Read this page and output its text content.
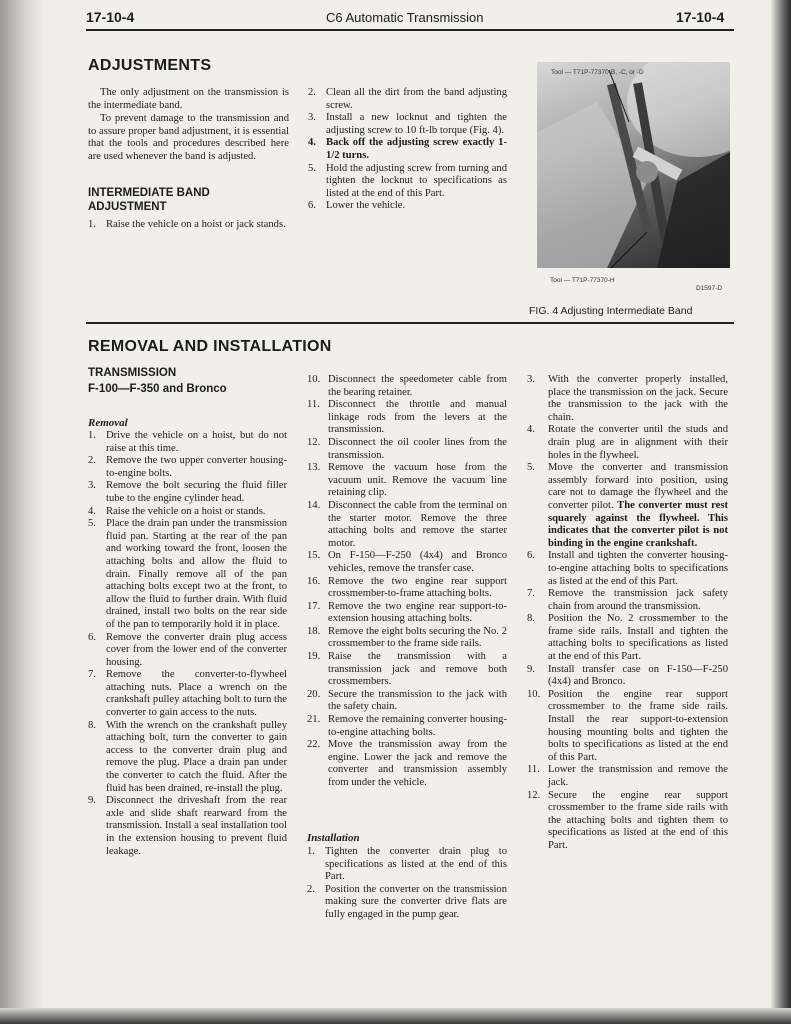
17-10-4	C6 Automatic Transmission	17-10-4
ADJUSTMENTS
The only adjustment on the transmission is the intermediate band.
To prevent damage to the transmission and to assure proper band adjustment, it is essential that the tools and procedures described here are used whenever the band is adjusted.
INTERMEDIATE BAND
ADJUSTMENT
1. Raise the vehicle on a hoist or jack stands.
2. Clean all the dirt from the band adjusting screw.
3. Install a new locknut and tighten the adjusting screw to 10 ft-lb torque (Fig. 4).
4. Back off the adjusting screw exactly 1-1/2 turns.
5. Hold the adjusting screw from turning and tighten the locknut to specifications as listed at the end of this Part.
6. Lower the vehicle.
Tool — T71P-77370-B, -C, or -D
Tool — T71P-77370-H
D1597-D
FIG. 4 Adjusting Intermediate Band
REMOVAL AND INSTALLATION
TRANSMISSION
F-100—F-350 and Bronco
Removal
1. Drive the vehicle on a hoist, but do not raise at this time.
2. Remove the two upper converter housing-to-engine bolts.
3. Remove the bolt securing the fluid filler tube to the engine cylinder head.
4. Raise the vehicle on a hoist or stands.
5. Place the drain pan under the transmission fluid pan. Starting at the rear of the pan and working toward the front, loosen the attaching bolts and allow the fluid to drain. Finally remove all of the pan attaching bolts except two at the front, to allow the fluid to further drain. With fluid drained, install two bolts on the rear side of the pan to temporarily hold it in place.
6. Remove the converter drain plug access cover from the lower end of the converter housing.
7. Remove the converter-to-flywheel attaching nuts. Place a wrench on the crankshaft pulley attaching bolt to turn the converter to gain access to the nuts.
8. With the wrench on the crankshaft pulley attaching bolt, turn the converter to gain access to the converter drain plug and remove the plug. Place a drain pan under the converter to catch the fluid. After the fluid has been drained, re-install the plug.
9. Disconnect the driveshaft from the rear axle and slide shaft rearward from the transmission. Install a seal installation tool in the extension housing to prevent fluid leakage.
10. Disconnect the speedometer cable from the bearing retainer.
11. Disconnect the throttle and manual linkage rods from the levers at the transmission.
12. Disconnect the oil cooler lines from the transmission.
13. Remove the vacuum hose from the vacuum unit. Remove the vacuum line retaining clip.
14. Disconnect the cable from the terminal on the starter motor. Remove the three attaching bolts and remove the starter motor.
15. On F-150—F-250 (4x4) and Bronco vehicles, remove the transfer case.
16. Remove the two engine rear support crossmember-to-frame attaching bolts.
17. Remove the two engine rear support-to-extension housing attaching bolts.
18. Remove the eight bolts securing the No. 2 crossmember to the frame side rails.
19. Raise the transmission with a transmission jack and remove both crossmembers.
20. Secure the transmission to the jack with the safety chain.
21. Remove the remaining converter housing-to-engine attaching bolts.
22. Move the transmission away from the engine. Lower the jack and remove the converter and transmission assembly from under the vehicle.
Installation
1. Tighten the converter drain plug to specifications as listed at the end of this Part.
2. Position the converter on the transmission making sure the converter drive flats are fully engaged in the pump gear.
3. With the converter properly installed, place the transmission on the jack. Secure the transmission to the jack with the chain.
4. Rotate the converter until the studs and drain plug are in alignment with their holes in the flywheel.
5. Move the converter and transmission assembly forward into position, using care not to damage the flywheel and the converter pilot. The converter must rest squarely against the flywheel. This indicates that the converter pilot is not binding in the engine crankshaft.
6. Install and tighten the converter housing-to-engine attaching bolts to specifications as listed at the end of this Part.
7. Remove the transmission jack safety chain from around the transmission.
8. Position the No. 2 crossmember to the frame side rails. Install and tighten the attaching bolts to specifications as listed at the end of this Part.
9. Install transfer case on F-150—F-250 (4x4) and Bronco.
10. Position the engine rear support crossmember to the frame side rails. Install the rear support-to-extension housing mounting bolts and tighten the bolts to specifications as listed at the end of this Part.
11. Lower the transmission and remove the jack.
12. Secure the engine rear support crossmember to the frame side rails with the attaching bolts and tighten them to specifications as listed at the end of this Part.
